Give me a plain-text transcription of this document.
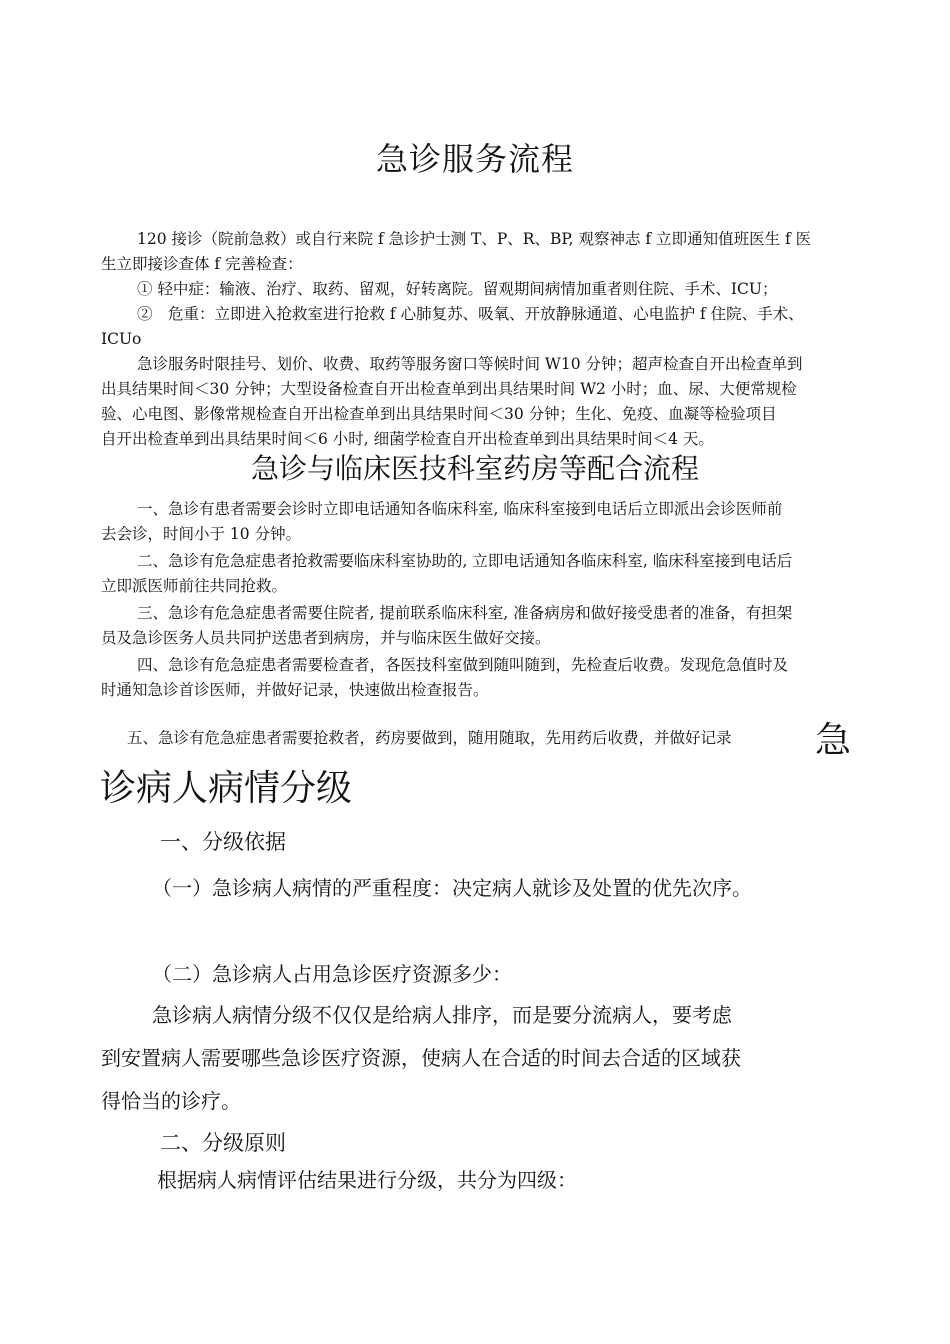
急诊服务流程
120 接诊（院前急救）或自行来院 f 急诊护士测 T、P、R、BP, 观察神志 f 立即通知值班医生 f 医
生立即接诊查体 f 完善检查：
① 轻中症：输液、治疗、取药、留观，好转离院。留观期间病情加重者则住院、手术、ICU；
②　危重：立即进入抢救室进行抢救 f 心肺复苏、吸氧、开放静脉通道、心电监护 f 住院、手术、
ICUo
急诊服务时限挂号、划价、收费、取药等服务窗口等候时间 W10 分钟；超声检查自开出检查单到
出具结果时间＜30 分钟；大型设备检查自开出检查单到出具结果时间 W2 小时；血、尿、大便常规检
验、心电图、影像常规检查自开出检查单到出具结果时间＜30 分钟；生化、免疫、血凝等检验项目
自开出检查单到出具结果时间＜6 小时, 细菌学检查自开出检查单到出具结果时间＜4 天。
急诊与临床医技科室药房等配合流程
一、急诊有患者需要会诊时立即电话通知各临床科室, 临床科室接到电话后立即派出会诊医师前
去会诊，时间小于 10 分钟。
二、急诊有危急症患者抢救需要临床科室协助的, 立即电话通知各临床科室, 临床科室接到电话后
立即派医师前往共同抢救。
三、急诊有危急症患者需要住院者, 提前联系临床科室, 准备病房和做好接受患者的准备，有担架
员及急诊医务人员共同护送患者到病房，并与临床医生做好交接。
四、急诊有危急症患者需要检查者，各医技科室做到随叫随到，先检查后收费。发现危急值时及
时通知急诊首诊医师，并做好记录，快速做出检查报告。
五、急诊有危急症患者需要抢救者，药房要做到，随用随取，先用药后收费，并做好记录 急
诊病人病情分级
一、分级依据
（一）急诊病人病情的严重程度：决定病人就诊及处置的优先次序。
（二）急诊病人占用急诊医疗资源多少：
急诊病人病情分级不仅仅是给病人排序，而是要分流病人，要考虑
到安置病人需要哪些急诊医疗资源，使病人在合适的时间去合适的区域获
得恰当的诊疗。
二、分级原则
根据病人病情评估结果进行分级，共分为四级：
